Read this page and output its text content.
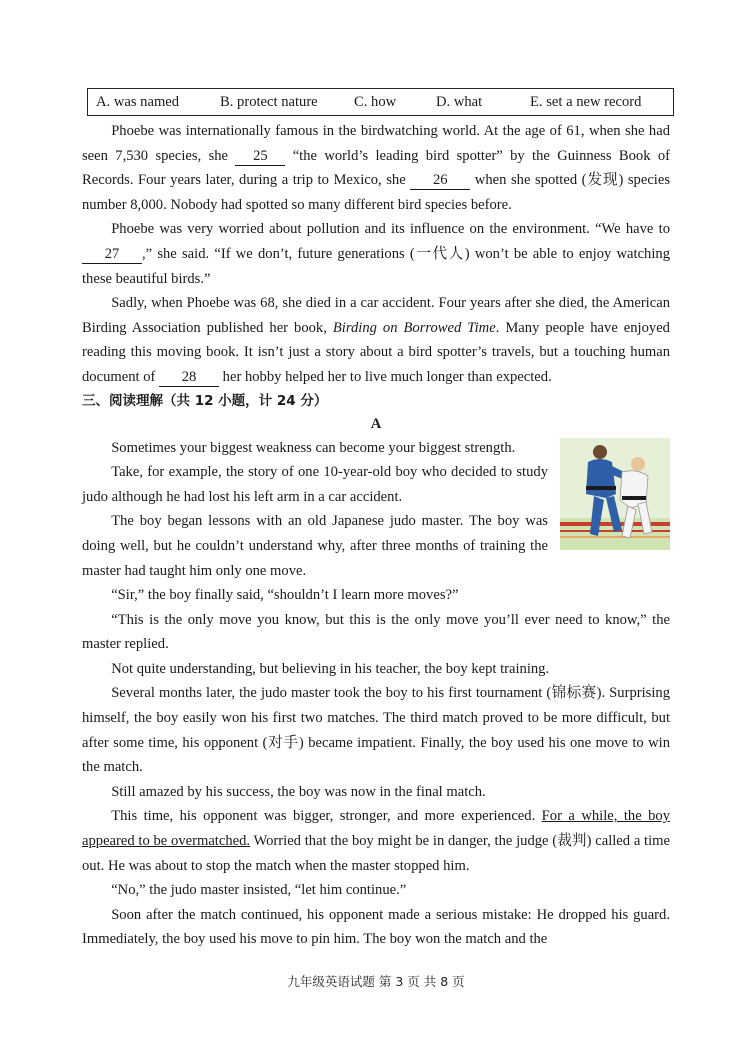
A. was named	B. protect nature C. how	D. what	E. set a new record

Phoebe was internationally famous in the birdwatching world. At the age of 61, when she had seen 7,530 species, she 25 “the world’s leading bird spotter” by the Guinness Book of Records. Four years later, during a trip to Mexico, she 26 when she spotted (发现) species number 8,000. Nobody had spotted so many different bird species before.

Phoebe was very worried about pollution and its influence on the environment. “We have to 27 ,” she said. “If we don’t, future generations (一代人) won’t be able to enjoy watching these beautiful birds.”

Sadly, when Phoebe was 68, she died in a car accident. Four years after she died, the American Birding Association published her book, Birding on Borrowed Time. Many people have enjoyed reading this moving book. It isn’t just a story about a bird spotter’s travels, but a touching human document of 28 her hobby helped her to live much longer than expected.

三、阅读理解（共 12 小题，计 24 分）
A

Sometimes your biggest weakness can become your biggest strength.

Take, for example, the story of one 10-year-old boy who decided to study judo although he had lost his left arm in a car accident.

The boy began lessons with an old Japanese judo master. The boy was doing well, but he couldn’t understand why, after three months of training the master had taught him only one move.

“Sir,” the boy finally said, “shouldn’t I learn more moves?”

“This is the only move you know, but this is the only move you’ll ever need to know,” the master replied.

Not quite understanding, but believing in his teacher, the boy kept training.

Several months later, the judo master took the boy to his first tournament (锦标赛). Surprising himself, the boy easily won his first two matches. The third match proved to be more difficult, but after some time, his opponent (对手) became impatient. Finally, the boy used his one move to win the match.

Still amazed by his success, the boy was now in the final match.

This time, his opponent was bigger, stronger, and more experienced. For a while, the boy appeared to be overmatched. Worried that the boy might be in danger, the judge (裁判) called a time out. He was about to stop the match when the master stopped him.

“No,” the judo master insisted, “let him continue.”

Soon after the match continued, his opponent made a serious mistake: He dropped his guard. Immediately, the boy used his move to pin him. The boy won the match and the

九年级英语试题 第 3 页 共 8 页
